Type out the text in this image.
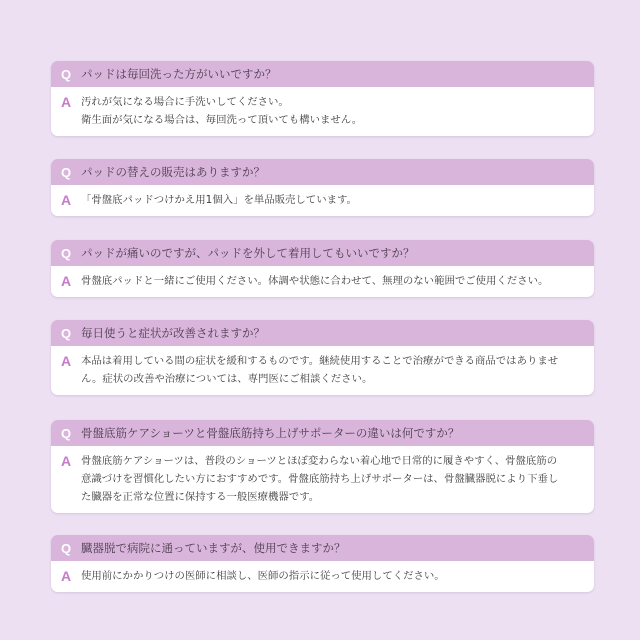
Q パッドは毎回洗った方がいいですか？
A 汚れが気になる場合に手洗いしてください。
衛生面が気になる場合は、毎回洗って頂いても構いません。
Q パッドの替えの販売はありますか？
A 「骨盤底パッドつけかえ用1個入」を単品販売しています。
Q パッドが痛いのですが、パッドを外して着用してもいいですか？
A 骨盤底パッドと一緒にご使用ください。体調や状態に合わせて、無理のない範囲でご使用ください。
Q 毎日使うと症状が改善されますか？
A 本品は着用している間の症状を緩和するものです。継続使用することで治療ができる商品ではありませ
ん。症状の改善や治療については、専門医にご相談ください。
Q 骨盤底筋ケアショーツと骨盤底筋持ち上げサポーターの違いは何ですか？
A 骨盤底筋ケアショーツは、普段のショーツとほぼ変わらない着心地で日常的に履きやすく、骨盤底筋の
意識づけを習慣化したい方におすすめです。骨盤底筋持ち上げサポーターは、骨盤臓器脱により下垂し
た臓器を正常な位置に保持する一般医療機器です。
Q 臓器脱で病院に通っていますが、使用できますか？
A 使用前にかかりつけの医師に相談し、医師の指示に従って使用してください。
